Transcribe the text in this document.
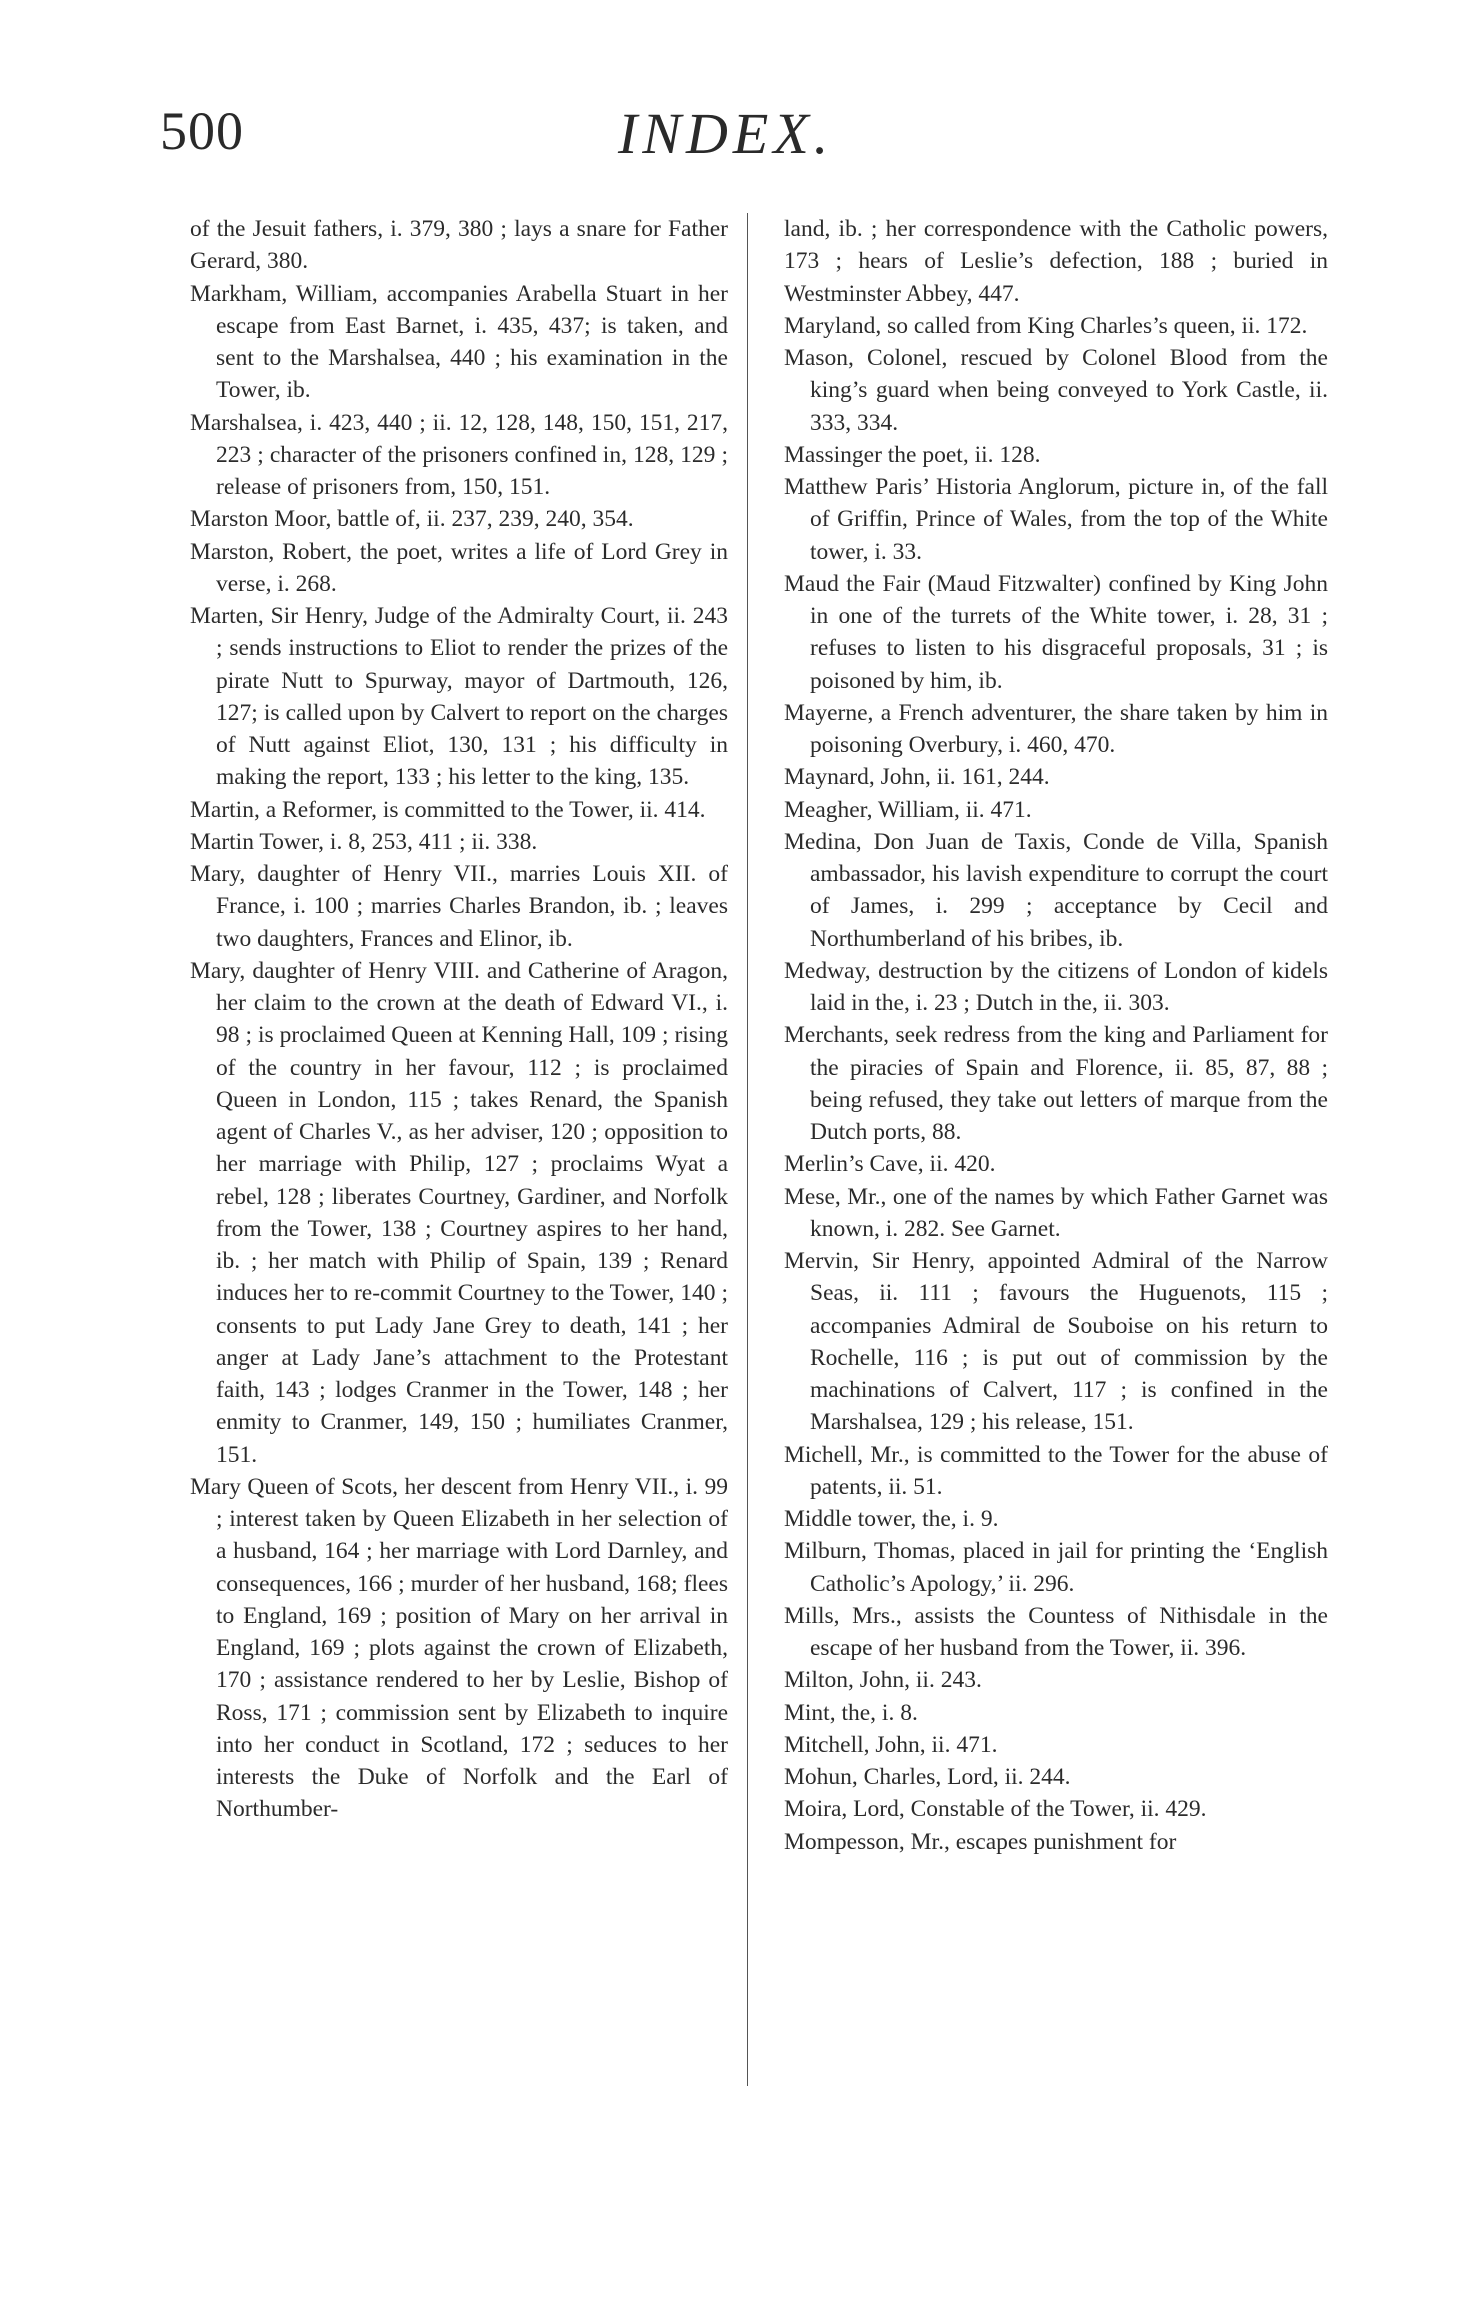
500	INDEX.

of the Jesuit fathers, i. 379, 380 ; lays a snare for Father Gerard, 380.

Markham, William, accompanies Arabella Stuart in her escape from East Barnet, i. 435, 437; is taken, and sent to the Marshalsea, 440 ; his examination in the Tower, ib.

Marshalsea, i. 423, 440 ; ii. 12, 128, 148, 150, 151, 217, 223 ; character of the prisoners confined in, 128, 129 ; release of prisoners from, 150, 151.

Marston Moor, battle of, ii. 237, 239, 240, 354.

Marston, Robert, the poet, writes a life of Lord Grey in verse, i. 268.

Marten, Sir Henry, Judge of the Admiralty Court, ii. 243 ; sends instructions to Eliot to render the prizes of the pirate Nutt to Spurway, mayor of Dartmouth, 126, 127; is called upon by Calvert to report on the charges of Nutt against Eliot, 130, 131 ; his difficulty in making the report, 133 ; his letter to the king, 135.

Martin, a Reformer, is committed to the Tower, ii. 414.

Martin Tower, i. 8, 253, 411 ; ii. 338.

Mary, daughter of Henry VII., marries Louis XII. of France, i. 100 ; marries Charles Brandon, ib. ; leaves two daughters, Frances and Elinor, ib.

Mary, daughter of Henry VIII. and Catherine of Aragon, her claim to the crown at the death of Edward VI., i. 98 ; is proclaimed Queen at Kenning Hall, 109 ; rising of the country in her favour, 112 ; is proclaimed Queen in London, 115 ; takes Renard, the Spanish agent of Charles V., as her adviser, 120 ; opposition to her marriage with Philip, 127 ; proclaims Wyat a rebel, 128 ; liberates Courtney, Gardiner, and Norfolk from the Tower, 138 ; Courtney aspires to her hand, ib. ; her match with Philip of Spain, 139 ; Renard induces her to re-commit Courtney to the Tower, 140 ; consents to put Lady Jane Grey to death, 141 ; her anger at Lady Jane’s attachment to the Protestant faith, 143 ; lodges Cranmer in the Tower, 148 ; her enmity to Cranmer, 149, 150 ; humiliates Cranmer, 151.

Mary Queen of Scots, her descent from Henry VII., i. 99 ; interest taken by Queen Elizabeth in her selection of a husband, 164 ; her marriage with Lord Darnley, and consequences, 166 ; murder of her husband, 168; flees to England, 169 ; position of Mary on her arrival in England, 169 ; plots against the crown of Elizabeth, 170 ; assistance rendered to her by Leslie, Bishop of Ross, 171 ; commission sent by Elizabeth to inquire into her conduct in Scotland, 172 ; seduces to her interests the Duke of Norfolk and the Earl of Northumber-

land, ib. ; her correspondence with the Catholic powers, 173 ; hears of Leslie’s defection, 188 ; buried in Westminster Abbey, 447.

Maryland, so called from King Charles’s queen, ii. 172.

Mason, Colonel, rescued by Colonel Blood from the king’s guard when being conveyed to York Castle, ii. 333, 334.

Massinger the poet, ii. 128.

Matthew Paris’ Historia Anglorum, picture in, of the fall of Griffin, Prince of Wales, from the top of the White tower, i. 33.

Maud the Fair (Maud Fitzwalter) confined by King John in one of the turrets of the White tower, i. 28, 31 ; refuses to listen to his disgraceful proposals, 31 ; is poisoned by him, ib.

Mayerne, a French adventurer, the share taken by him in poisoning Overbury, i. 460, 470.

Maynard, John, ii. 161, 244.

Meagher, William, ii. 471.

Medina, Don Juan de Taxis, Conde de Villa, Spanish ambassador, his lavish expenditure to corrupt the court of James, i. 299 ; acceptance by Cecil and Northumberland of his bribes, ib.

Medway, destruction by the citizens of London of kidels laid in the, i. 23 ; Dutch in the, ii. 303.

Merchants, seek redress from the king and Parliament for the piracies of Spain and Florence, ii. 85, 87, 88 ; being refused, they take out letters of marque from the Dutch ports, 88.

Merlin’s Cave, ii. 420.

Mese, Mr., one of the names by which Father Garnet was known, i. 282. See Garnet.

Mervin, Sir Henry, appointed Admiral of the Narrow Seas, ii. 111 ; favours the Huguenots, 115 ; accompanies Admiral de Souboise on his return to Rochelle, 116 ; is put out of commission by the machinations of Calvert, 117 ; is confined in the Marshalsea, 129 ; his release, 151.

Michell, Mr., is committed to the Tower for the abuse of patents, ii. 51.

Middle tower, the, i. 9.

Milburn, Thomas, placed in jail for printing the ‘English Catholic’s Apology,’ ii. 296.

Mills, Mrs., assists the Countess of Nithisdale in the escape of her husband from the Tower, ii. 396.

Milton, John, ii. 243.

Mint, the, i. 8.

Mitchell, John, ii. 471.

Mohun, Charles, Lord, ii. 244.

Moira, Lord, Constable of the Tower, ii. 429.

Mompesson, Mr., escapes punishment for
